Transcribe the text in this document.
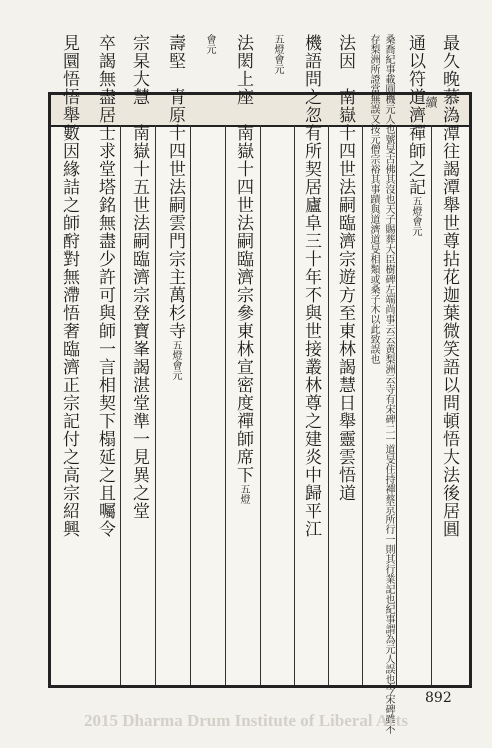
續 最久晚慕溈潭往謁潭舉世尊拈花迦葉微笑語以問頓悟大法後居圓
通以符道濟禪師之記五燈會元
桑喬紀事載圓機元人也號旻古佛其沒也天子賜葬大臣樹碑左端尚事云云黄梨洲云寺有宋碑二一道旻住持禪蔡京所行一則其行業記也紀事謂為元人誤也今宋碑雖不存梨洲所證當無誤又按元僧宗裕其事蹟與道濟道旻相類或桑子木以此致誤也
法因　南嶽十四世法嗣臨濟宗遊方至東林謁慧日舉靈雲悟道
機語問之忽有所契居廬阜三十年不與世接叢林尊之建炎中歸平江
五燈會元
法閎上座　南嶽十四世法嗣臨濟宗參東林宣密度禪師席下五燈
會元
壽堅　青原十四世法嗣雲門宗主萬杉寺五燈會元
宗杲大慧　南嶽十五世法嗣臨濟宗登寶峯謁湛堂準一見異之堂
卒謁無盡居士求堂塔銘無盡少許可與師一言相契下榻延之且囑令
見圜悟悟舉數因緣詰之師酧對無滯悟奢臨濟正宗記付之高宗紹興
892
2015 Dharma Drum Institute of Liberal Arts
